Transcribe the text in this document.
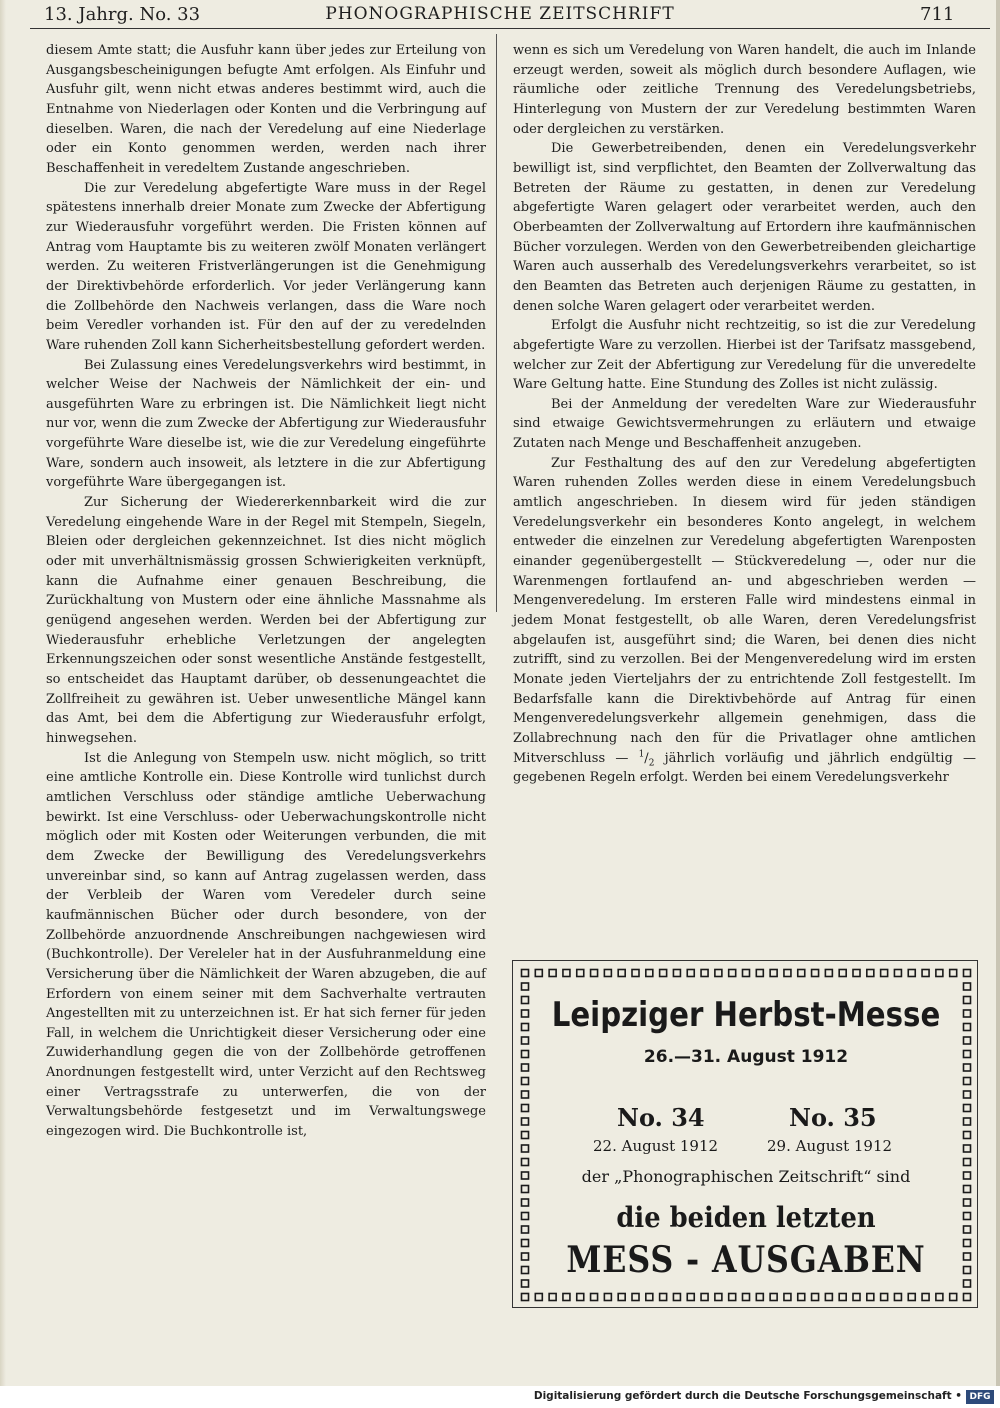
13. Jahrg. No. 33	PHONOGRAPHISCHE ZEITSCHRIFT	711

diesem Amte statt; die Ausfuhr kann über jedes zur Erteilung von Ausgangsbescheinigungen befugte Amt erfolgen. Als Einfuhr und Ausfuhr gilt, wenn nicht etwas anderes bestimmt wird, auch die Entnahme von Niederlagen oder Konten und die Verbringung auf dieselben. Waren, die nach der Veredelung auf eine Niederlage oder ein Konto genommen werden, werden nach ihrer Beschaffenheit in veredeltem Zustande angeschrieben.

Die zur Veredelung abgefertigte Ware muss in der Regel spätestens innerhalb dreier Monate zum Zwecke der Abfertigung zur Wiederausfuhr vorgeführt werden. Die Fristen können auf Antrag vom Hauptamte bis zu weiteren zwölf Monaten verlängert werden. Zu weiteren Fristverlängerungen ist die Genehmigung der Direktivbehörde erforderlich. Vor jeder Verlängerung kann die Zollbehörde den Nachweis verlangen, dass die Ware noch beim Veredler vorhanden ist. Für den auf der zu veredelnden Ware ruhenden Zoll kann Sicherheitsbestellung gefordert werden.

Bei Zulassung eines Veredelungsverkehrs wird bestimmt, in welcher Weise der Nachweis der Nämlichkeit der ein- und ausgeführten Ware zu erbringen ist. Die Nämlichkeit liegt nicht nur vor, wenn die zum Zwecke der Abfertigung zur Wiederausfuhr vorgeführte Ware dieselbe ist, wie die zur Veredelung eingeführte Ware, sondern auch insoweit, als letztere in die zur Abfertigung vorgeführte Ware übergegangen ist.

Zur Sicherung der Wiedererkennbarkeit wird die zur Veredelung eingehende Ware in der Regel mit Stempeln, Siegeln, Bleien oder dergleichen gekennzeichnet. Ist dies nicht möglich oder mit unverhältnismässig grossen Schwierigkeiten verknüpft, kann die Aufnahme einer genauen Beschreibung, die Zurückhaltung von Mustern oder eine ähnliche Massnahme als genügend angesehen werden. Werden bei der Abfertigung zur Wiederausfuhr erhebliche Verletzungen der angelegten Erkennungszeichen oder sonst wesentliche Anstände festgestellt, so entscheidet das Hauptamt darüber, ob dessenungeachtet die Zollfreiheit zu gewähren ist. Ueber unwesentliche Mängel kann das Amt, bei dem die Abfertigung zur Wiederausfuhr erfolgt, hinwegsehen.

Ist die Anlegung von Stempeln usw. nicht möglich, so tritt eine amtliche Kontrolle ein. Diese Kontrolle wird tunlichst durch amtlichen Verschluss oder ständige amtliche Ueberwachung bewirkt. Ist eine Verschluss- oder Ueberwachungskontrolle nicht möglich oder mit Kosten oder Weiterungen verbunden, die mit dem Zwecke der Bewilligung des Veredelungsverkehrs unvereinbar sind, so kann auf Antrag zugelassen werden, dass der Verbleib der Waren vom Veredeler durch seine kaufmännischen Bücher oder durch besondere, von der Zollbehörde anzuordnende Anschreibungen nachgewiesen wird (Buchkontrolle). Der Vereleler hat in der Ausfuhranmeldung eine Versicherung über die Nämlichkeit der Waren abzugeben, die auf Erfordern von einem seiner mit dem Sachverhalte vertrauten Angestellten mit zu unterzeichnen ist. Er hat sich ferner für jeden Fall, in welchem die Unrichtigkeit dieser Versicherung oder eine Zuwiderhandlung gegen die von der Zollbehörde getroffenen Anordnungen festgestellt wird, unter Verzicht auf den Rechtsweg einer Vertragsstrafe zu unterwerfen, die von der Verwaltungsbehörde festgesetzt und im Verwaltungswege eingezogen wird. Die Buchkontrolle ist,

wenn es sich um Veredelung von Waren handelt, die auch im Inlande erzeugt werden, soweit als möglich durch besondere Auflagen, wie räumliche oder zeitliche Trennung des Veredelungsbetriebs, Hinterlegung von Mustern der zur Veredelung bestimmten Waren oder dergleichen zu verstärken.

Die Gewerbetreibenden, denen ein Veredelungsverkehr bewilligt ist, sind verpflichtet, den Beamten der Zollverwaltung das Betreten der Räume zu gestatten, in denen zur Veredelung abgefertigte Waren gelagert oder verarbeitet werden, auch den Oberbeamten der Zollverwaltung auf Ertordern ihre kaufmännischen Bücher vorzulegen. Werden von den Gewerbetreibenden gleichartige Waren auch ausserhalb des Veredelungsverkehrs verarbeitet, so ist den Beamten das Betreten auch derjenigen Räume zu gestatten, in denen solche Waren gelagert oder verarbeitet werden.

Erfolgt die Ausfuhr nicht rechtzeitig, so ist die zur Veredelung abgefertigte Ware zu verzollen. Hierbei ist der Tarifsatz massgebend, welcher zur Zeit der Abfertigung zur Veredelung für die unveredelte Ware Geltung hatte. Eine Stundung des Zolles ist nicht zulässig.

Bei der Anmeldung der veredelten Ware zur Wiederausfuhr sind etwaige Gewichtsvermehrungen zu erläutern und etwaige Zutaten nach Menge und Beschaffenheit anzugeben.

Zur Festhaltung des auf den zur Veredelung abgefertigten Waren ruhenden Zolles werden diese in einem Veredelungsbuch amtlich angeschrieben. In diesem wird für jeden ständigen Veredelungsverkehr ein besonderes Konto angelegt, in welchem entweder die einzelnen zur Veredelung abgefertigten Warenposten einander gegenübergestellt — Stückveredelung —, oder nur die Warenmengen fortlaufend an- und abgeschrieben werden — Mengenveredelung. Im ersteren Falle wird mindestens einmal in jedem Monat festgestellt, ob alle Waren, deren Veredelungsfrist abgelaufen ist, ausgeführt sind; die Waren, bei denen dies nicht zutrifft, sind zu verzollen. Bei der Mengenveredelung wird im ersten Monate jeden Vierteljahrs der zu entrichtende Zoll festgestellt. Im Bedarfsfalle kann die Direktivbehörde auf Antrag für einen Mengenveredelungsverkehr allgemein genehmigen, dass die Zollabrechnung nach den für die Privatlager ohne amtlichen Mitverschluss — $^1/_2$ jährlich vorläufig und jährlich endgültig — gegebenen Regeln erfolgt. Werden bei einem Veredelungsverkehr

Leipziger Herbst-Messe
26.—31. August 1912
No. 34	No. 35
22. August 1912	29. August 1912
der „Phonographischen Zeitschrift“ sind
die beiden letzten
MESS - AUSGABEN
Digitalisierung gefördert durch die Deutsche Forschungsgemeinschaft • DFG
